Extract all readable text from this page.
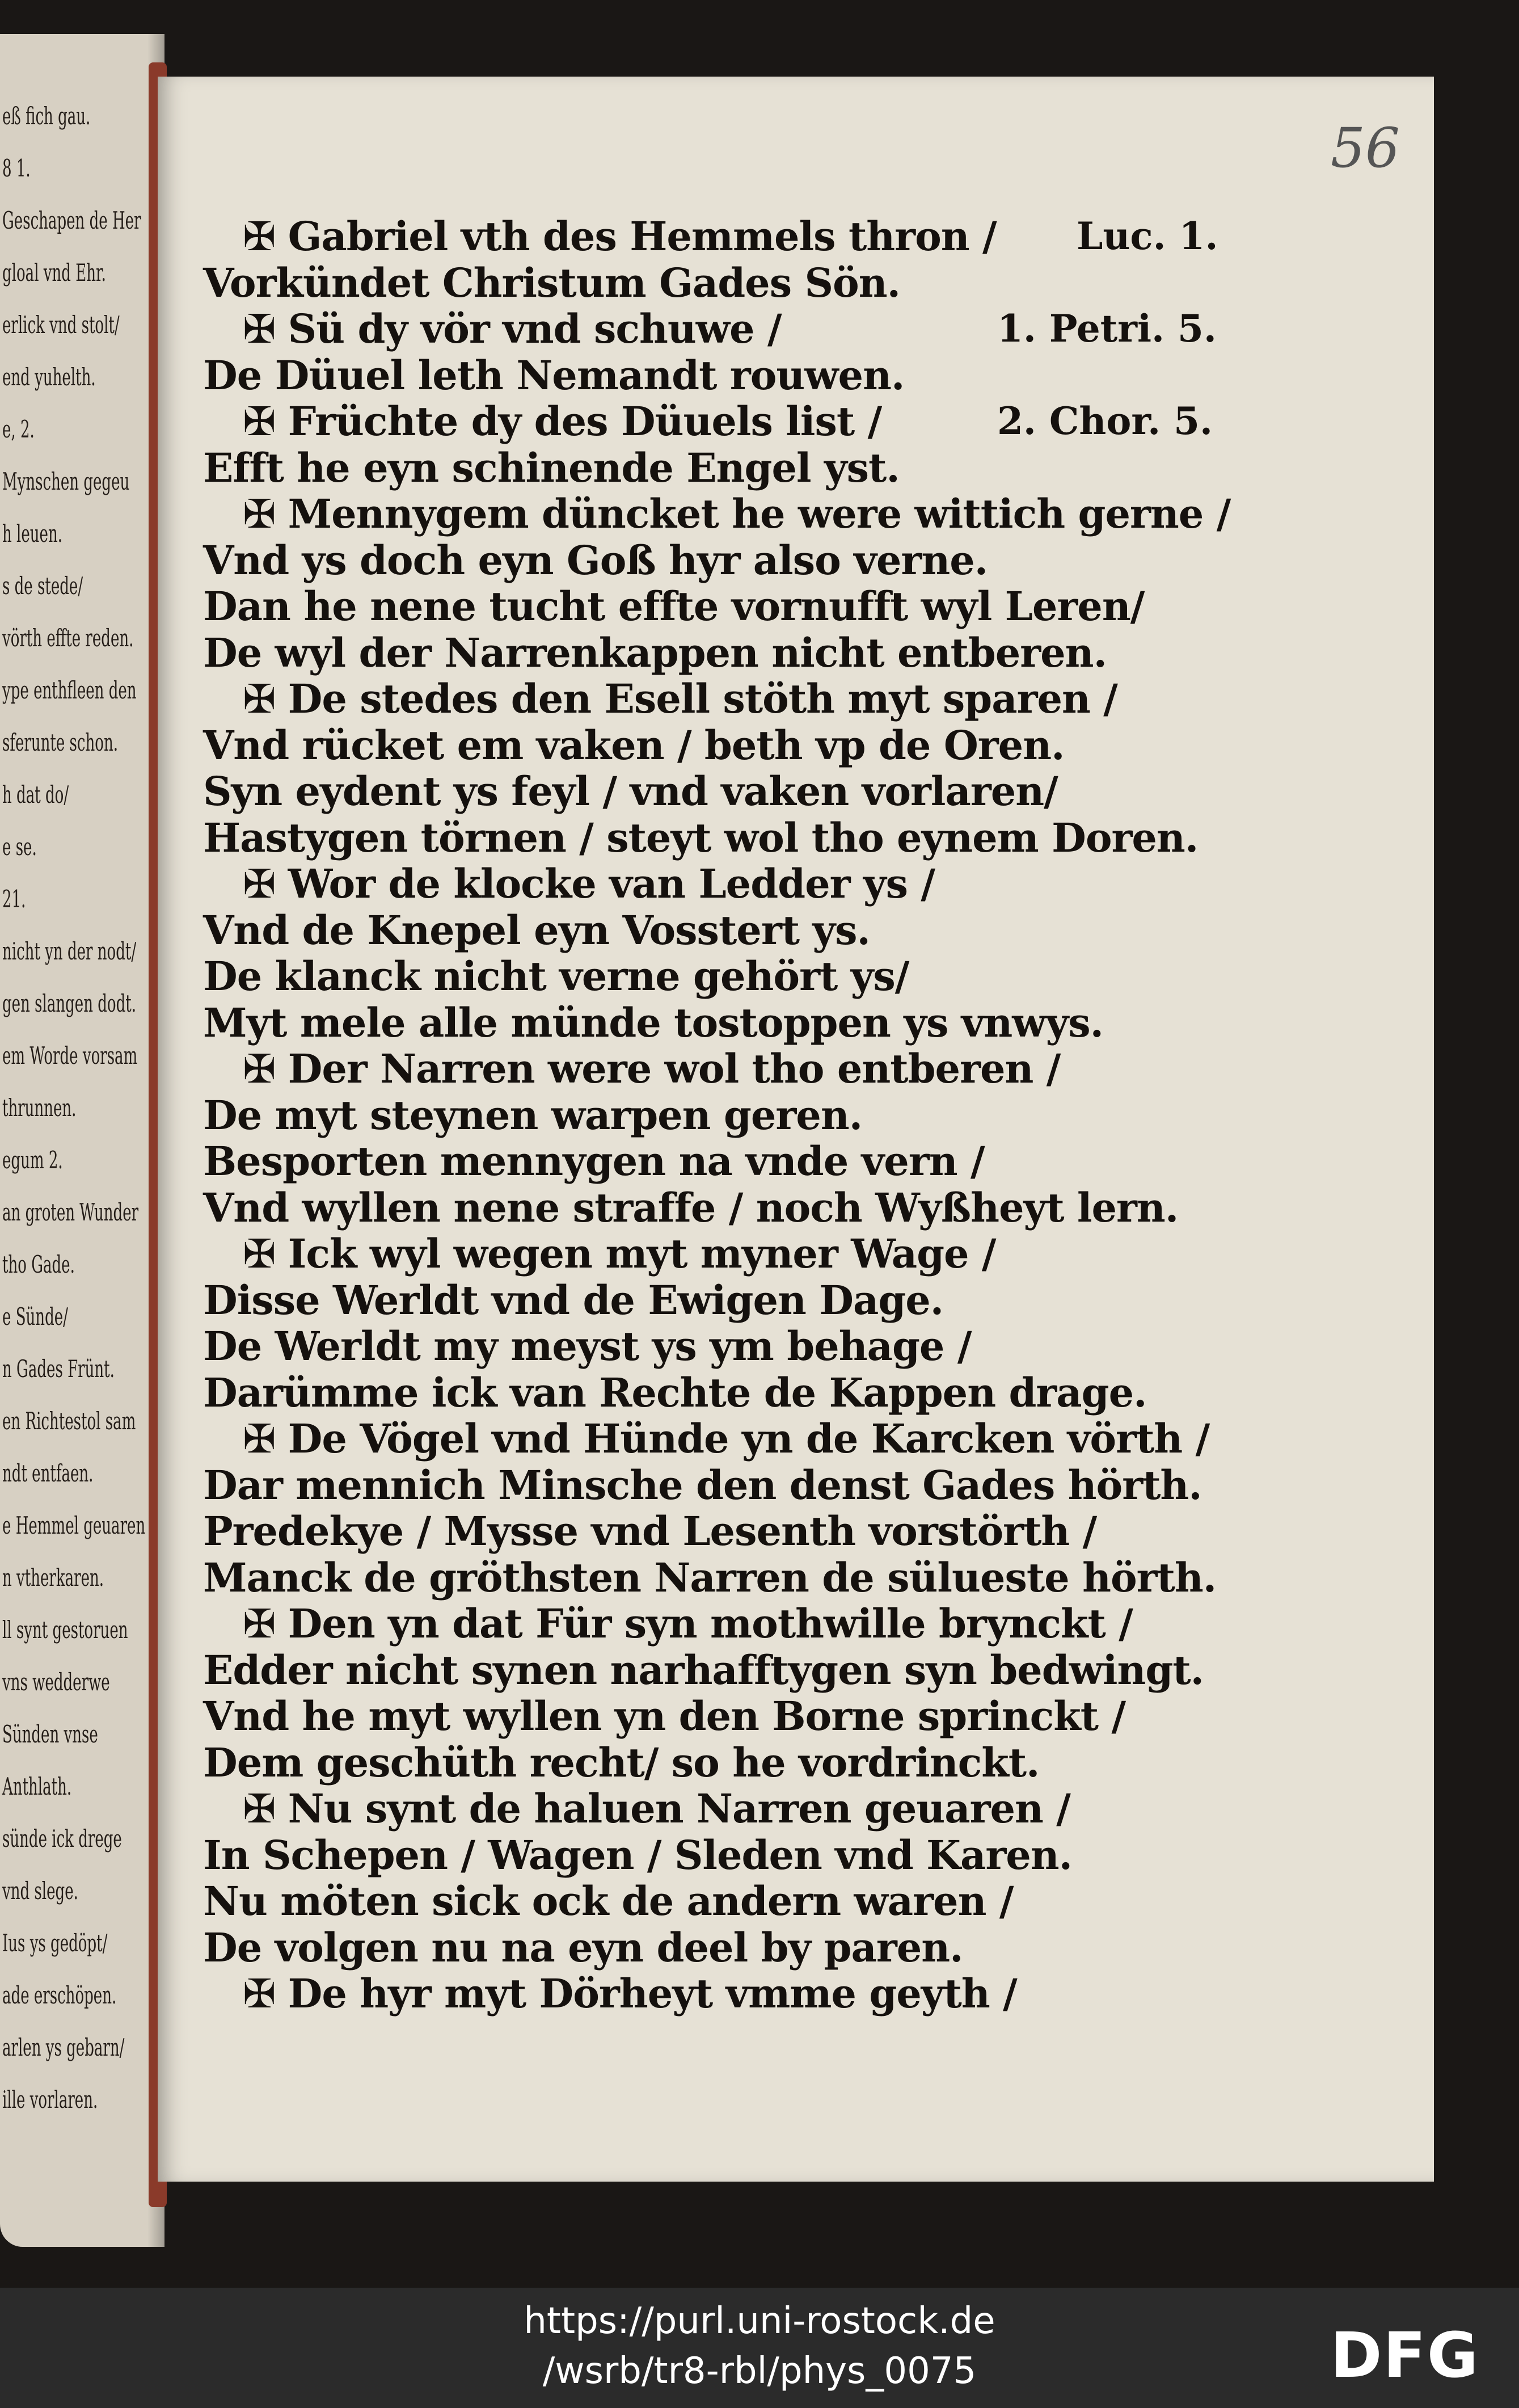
eß fich gau.
8 1.
Geschapen de Her
gloal vnd Ehr.
erlick vnd stolt/
end yuhelth.
e, 2.
Mynschen gegeu
h leuen.
s de stede/
vörth effte reden.
ype enthfleen den
sferunte schon.
h dat do/
e se.
21.
nicht yn der nodt/
gen slangen dodt.
em Worde vorsam
thrunnen.
egum 2.
an groten Wunder
tho Gade.
e Sünde/
n Gades Frünt.
en Richtestol sam
ndt entfaen.
e Hemmel geuaren
n vtherkaren.
ll synt gestoruen
vns wedderwe
Sünden vnse
Anthlath.
sünde ick drege
vnd slege.
Ius ys gedöpt/
ade erschöpen.
arlen ys gebarn/
ille vorlaren.
56
✠ Gabriel vth des Hemmels thron / Luc. 1.
Vorkündet Christum Gades Sön.
✠ Sü dy vör vnd schuwe /	1. Petri. 5.
De Düuel leth Nemandt rouwen.
✠ Früchte dy des Düuels list /	2. Chor. 5.
Efft he eyn schinende Engel yst.
✠ Mennygem düncket he were wittich gerne /
Vnd ys doch eyn Goß hyr also verne.
Dan he nene tucht effte vornufft wyl Leren/
De wyl der Narrenkappen nicht entberen.
✠ De stedes den Esell stöth myt sparen /
Vnd rücket em vaken / beth vp de Oren.
Syn eydent ys feyl / vnd vaken vorlaren/
Hastygen törnen / steyt wol tho eynem Doren.
✠ Wor de klocke van Ledder ys /
Vnd de Knepel eyn Vosstert ys.
De klanck nicht verne gehört ys/
Myt mele alle münde tostoppen ys vnwys.
✠ Der Narren were wol tho entberen /
De myt steynen warpen geren.
Besporten mennygen na vnde vern /
Vnd wyllen nene straffe / noch Wyßheyt lern.
✠ Ick wyl wegen myt myner Wage /
Disse Werldt vnd de Ewigen Dage.
De Werldt my meyst ys ym behage /
Darümme ick van Rechte de Kappen drage.
✠ De Vögel vnd Hünde yn de Karcken vörth /
Dar mennich Minsche den denst Gades hörth.
Predekye / Mysse vnd Lesenth vorstörth /
Manck de gröthsten Narren de sülueste hörth.
✠ Den yn dat Für syn mothwille brynckt /
Edder nicht synen narhafftygen syn bedwingt.
Vnd he myt wyllen yn den Borne sprinckt /
Dem geschüth recht/ so he vordrinckt.
✠ Nu synt de haluen Narren geuaren /
In Schepen / Wagen / Sleden vnd Karen.
Nu möten sick ock de andern waren /
De volgen nu na eyn deel by paren.
✠ De hyr myt Dörheyt vmme geyth /
https://purl.uni-rostock.de
/wsrb/tr8-rbl/phys_0075	DFG
